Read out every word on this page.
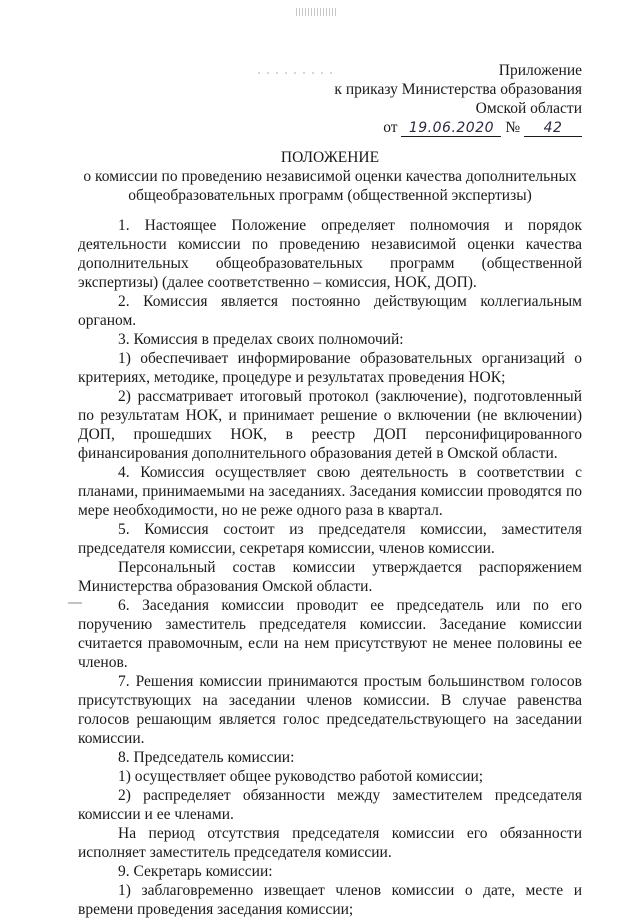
Приложение
к приказу Министерства образования
Омской области
от 19.06.2020 № 42
ПОЛОЖЕНИЕ
о комиссии по проведению независимой оценки качества дополнительных
общеобразовательных программ (общественной экспертизы)

1. Настоящее Положение определяет полномочия и порядок деятельности комиссии по проведению независимой оценки качества дополнительных общеобразовательных программ (общественной экспертизы) (далее соответственно – комиссия, НОК, ДОП).

2. Комиссия является постоянно действующим коллегиальным органом.

3. Комиссия в пределах своих полномочий:

1) обеспечивает информирование образовательных организаций о критериях, методике, процедуре и результатах проведения НОК;

2) рассматривает итоговый протокол (заключение), подготовленный по результатам НОК, и принимает решение о включении (не включении) ДОП, прошедших НОК, в реестр ДОП персонифицированного финансирования дополнительного образования детей в Омской области.

4. Комиссия осуществляет свою деятельность в соответствии с планами, принимаемыми на заседаниях. Заседания комиссии проводятся по мере необходимости, но не реже одного раза в квартал.

5. Комиссия состоит из председателя комиссии, заместителя председателя комиссии, секретаря комиссии, членов комиссии.

Персональный состав комиссии утверждается распоряжением Министерства образования Омской области.

6. Заседания комиссии проводит ее председатель или по его поручению заместитель председателя комиссии. Заседание комиссии считается правомочным, если на нем присутствуют не менее половины ее членов.

7. Решения комиссии принимаются простым большинством голосов присутствующих на заседании членов комиссии. В случае равенства голосов решающим является голос председательствующего на заседании комиссии.

8. Председатель комиссии:

1) осуществляет общее руководство работой комиссии;

2) распределяет обязанности между заместителем председателя комиссии и ее членами.

На период отсутствия председателя комиссии его обязанности исполняет заместитель председателя комиссии.

9. Секретарь комиссии:

1) заблаговременно извещает членов комиссии о дате, месте и времени проведения заседания комиссии;
